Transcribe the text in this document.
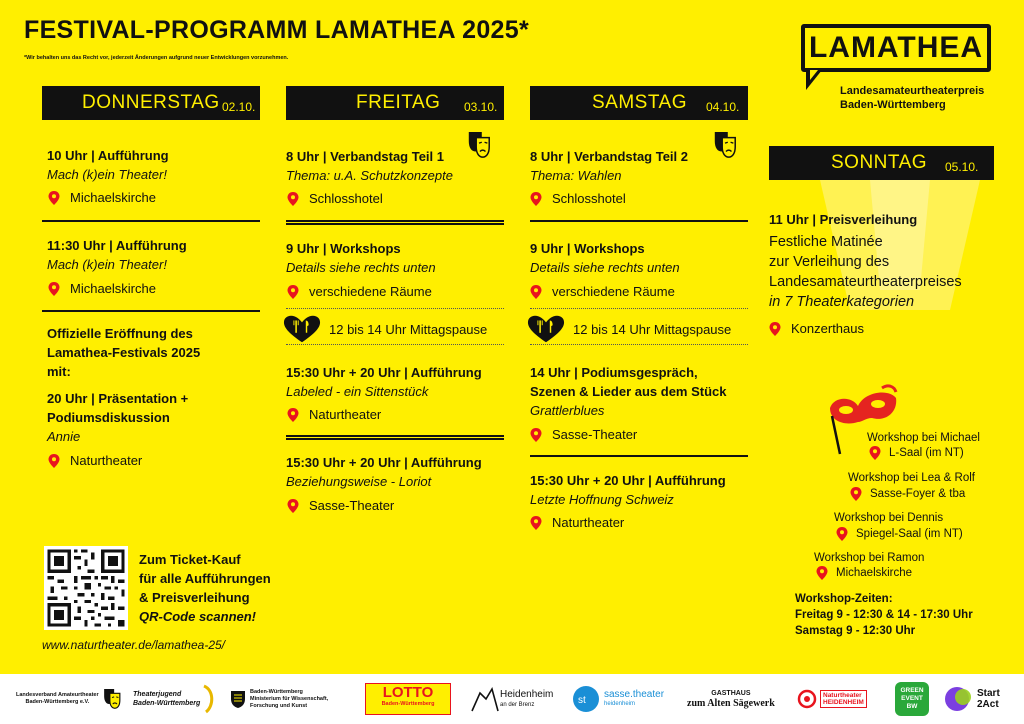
FESTIVAL-PROGRAMM LAMATHEA 2025*
*Wir behalten uns das Recht vor, jederzeit Änderungen aufgrund neuer Entwicklungen vorzunehmen.	LAMATHEA
Landesamateurtheaterpreis
Baden-Württemberg
DONNERSTAG 02.10.
10 Uhr | Aufführung
Mach (k)ein Theater!
Michaelskirche
11:30 Uhr | Aufführung
Mach (k)ein Theater!
Michaelskirche
Offizielle Eröffnung des
Lamathea-Festivals 2025
mit:
20 Uhr | Präsentation +
Podiumsdiskussion
Annie
Naturtheater
FREITAG 03.10.
8 Uhr | Verbandstag Teil 1
Thema: u.A. Schutzkonzepte
Schlosshotel
9 Uhr | Workshops
Details siehe rechts unten
verschiedene Räume
12 bis 14 Uhr Mittagspause
15:30 Uhr + 20 Uhr | Aufführung
Labeled - ein Sittenstück
Naturtheater
15:30 Uhr + 20 Uhr | Aufführung
Beziehungsweise - Loriot
Sasse-Theater
SAMSTAG 04.10.
8 Uhr | Verbandstag Teil 2
Thema: Wahlen
Schlosshotel
9 Uhr | Workshops
Details siehe rechts unten
verschiedene Räume
12 bis 14 Uhr Mittagspause
14 Uhr | Podiumsgespräch,
Szenen & Lieder aus dem Stück
Grattlerblues
Sasse-Theater
15:30 Uhr + 20 Uhr | Aufführung
Letzte Hoffnung Schweiz
Naturtheater
SONNTAG 05.10.
11 Uhr | Preisverleihung
Festliche Matinée
zur Verleihung des
Landesamateurtheaterpreises
in 7 Theaterkategorien
Konzerthaus
Workshop bei Michael
L-Saal (im NT)
Workshop bei Lea & Rolf
Sasse-Foyer & tba
Workshop bei Dennis
Spiegel-Saal (im NT)
Workshop bei Ramon
Michaelskirche
Workshop-Zeiten:
Freitag 9 - 12:30 & 14 - 17:30 Uhr
Samstag 9 - 12:30 Uhr
Zum Ticket-Kauf
für alle Aufführungen
& Preisverleihung
QR-Code scannen!
www.naturtheater.de/lamathea-25/
Landesverband Amateurtheater
Baden-Württemberg e.V.
Theaterjugend
Baden-Württemberg
Baden-Württemberg
Ministerium für Wissenschaft,
Forschung und Kunst
LOTTO
Baden-Württemberg
Heidenheim
an der Brenz	st
sasse.theater
heidenheim
GASTHAUS
zum Alten Sägewerk
Naturtheater
HEIDENHEIM
GREEN
EVENT
BW
Start
2Act
